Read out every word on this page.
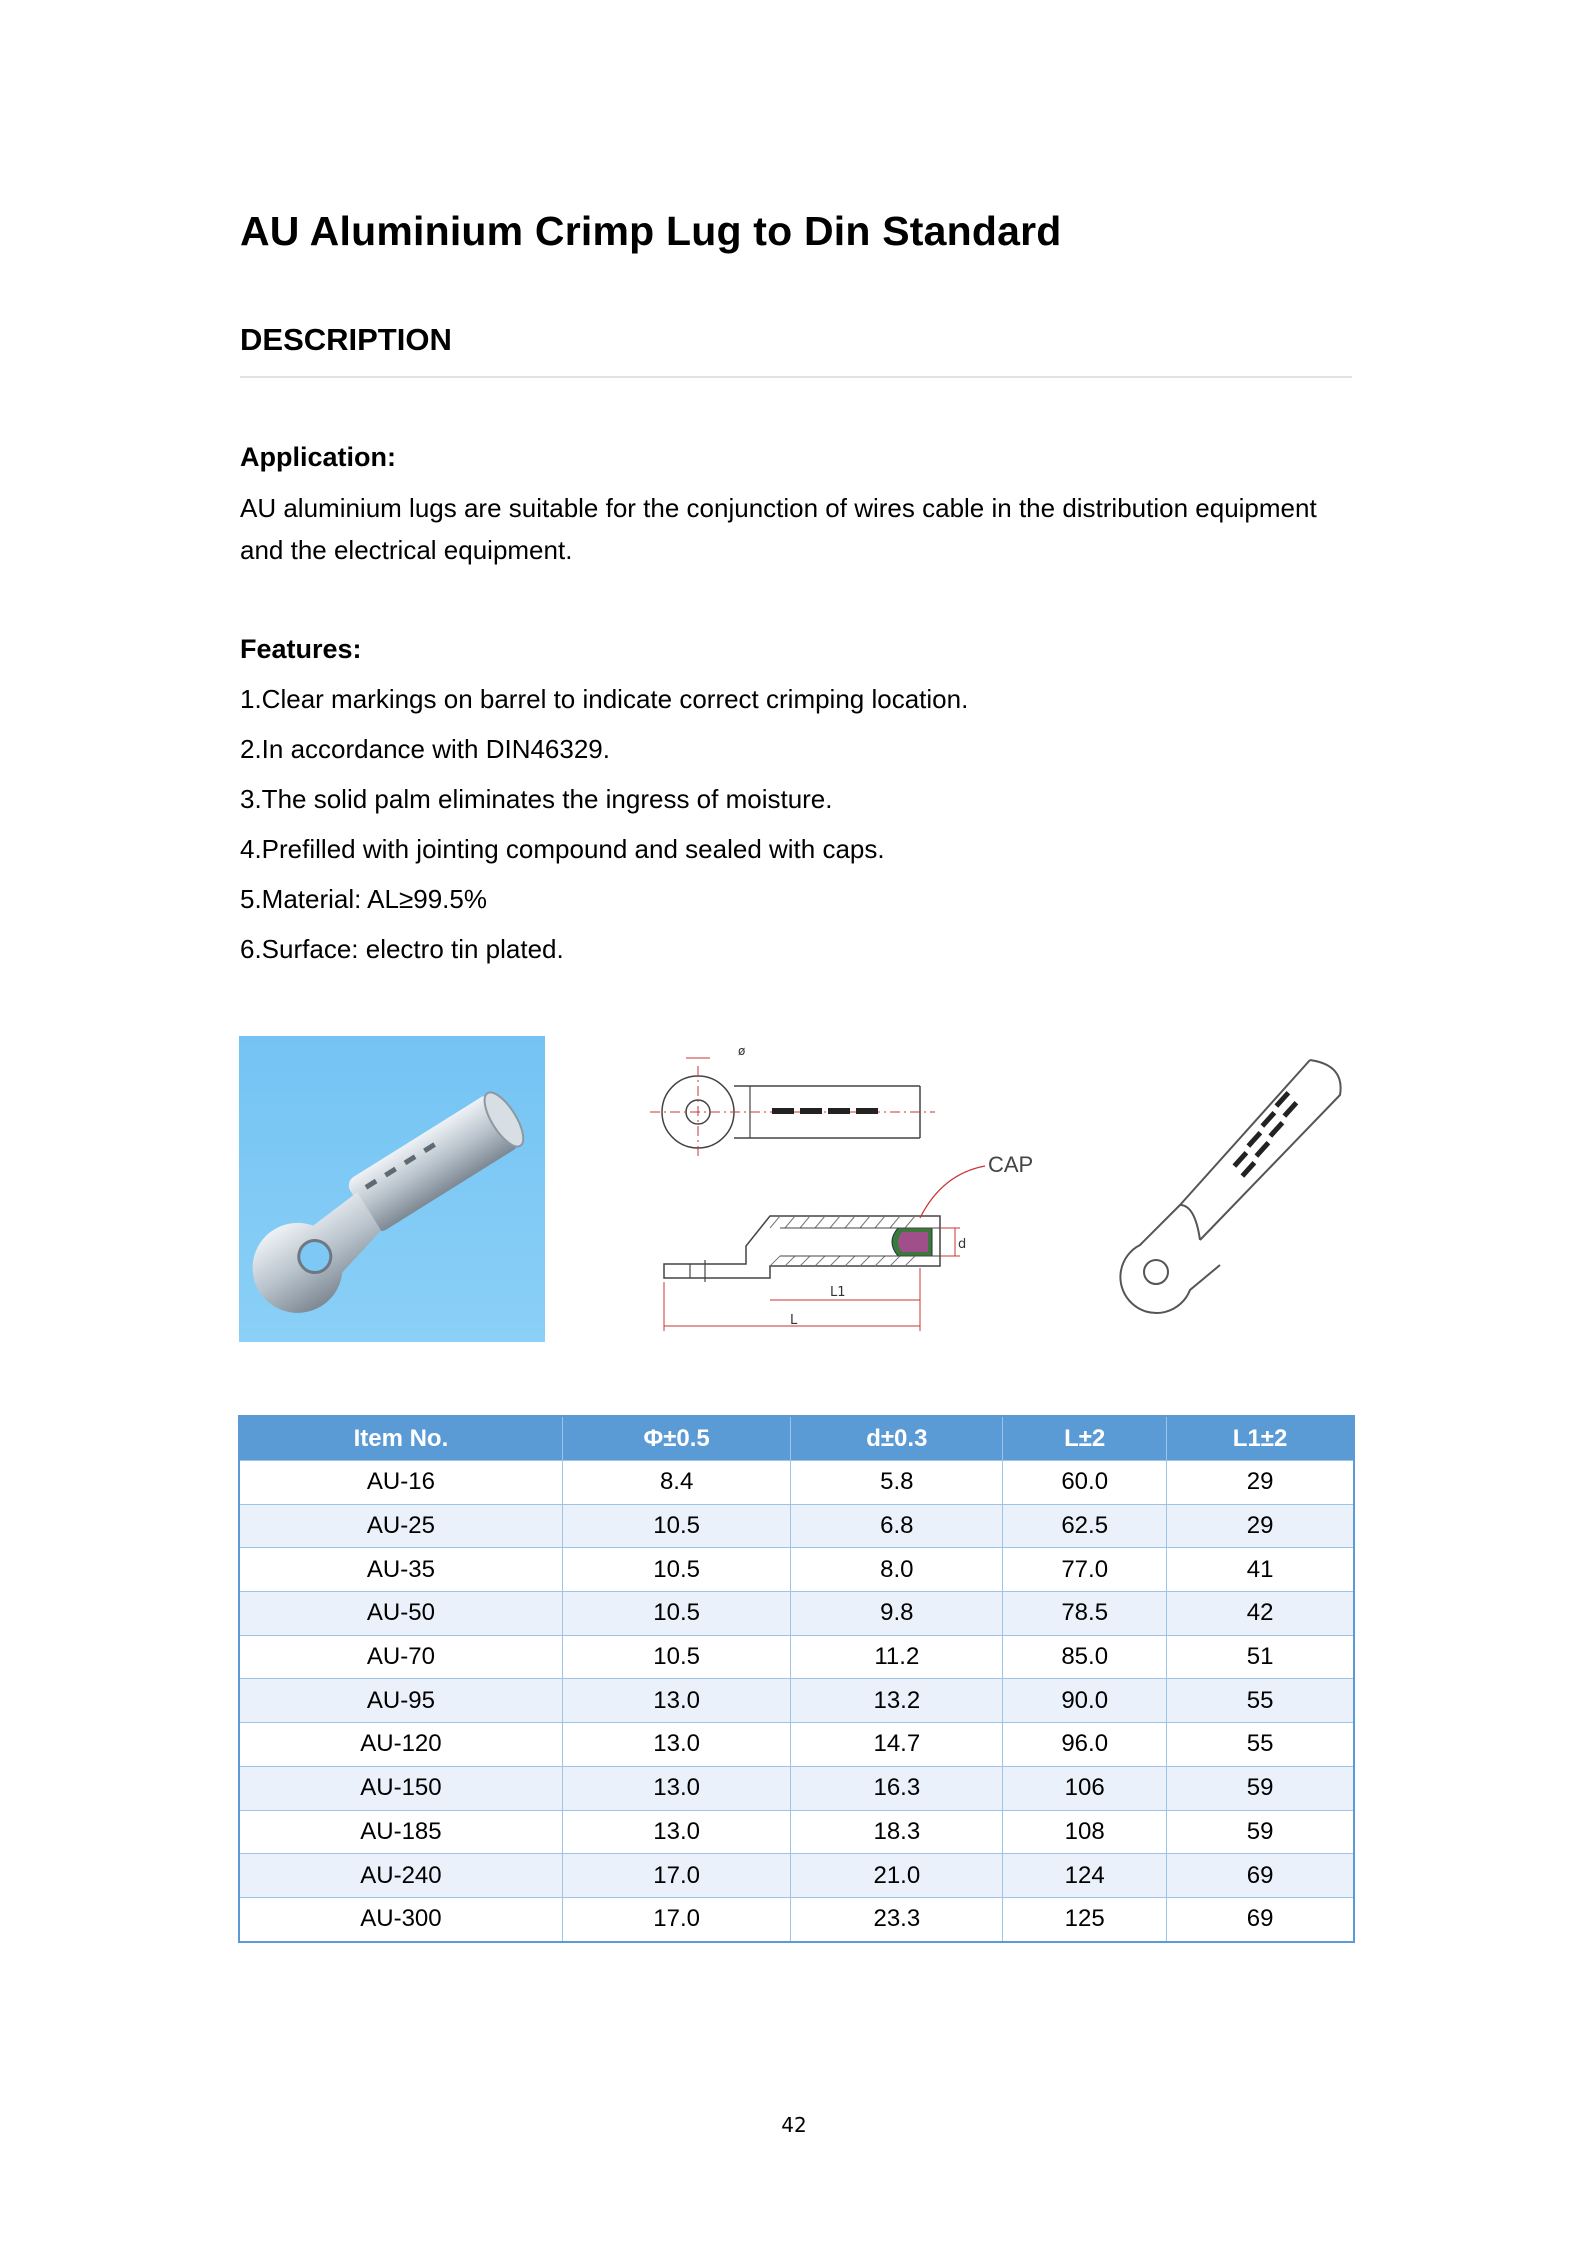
AU Aluminium Crimp Lug to Din Standard
DESCRIPTION
Application:

AU aluminium lugs are suitable for the conjunction of wires cable in the distribution equipment and the electrical equipment.

Features:
1.Clear markings on barrel to indicate correct crimping location.
2.In accordance with DIN46329.
3.The solid palm eliminates the ingress of moisture.
4.Prefilled with jointing compound and sealed with caps.
5.Material: AL≥99.5%
6.Surface: electro tin plated.
ø
d
CAP
L1
L
Item No.	Φ±0.5	d±0.3	L±2	L1±2
AU-16	8.4	5.8	60.0	29
AU-25	10.5	6.8	62.5	29
AU-35	10.5	8.0	77.0	41
AU-50	10.5	9.8	78.5	42
AU-70	10.5	11.2	85.0	51
AU-95	13.0	13.2	90.0	55
AU-120	13.0	14.7	96.0	55
AU-150	13.0	16.3	106	59
AU-185	13.0	18.3	108	59
AU-240	17.0	21.0	124	69
AU-300	17.0	23.3	125	69
42
